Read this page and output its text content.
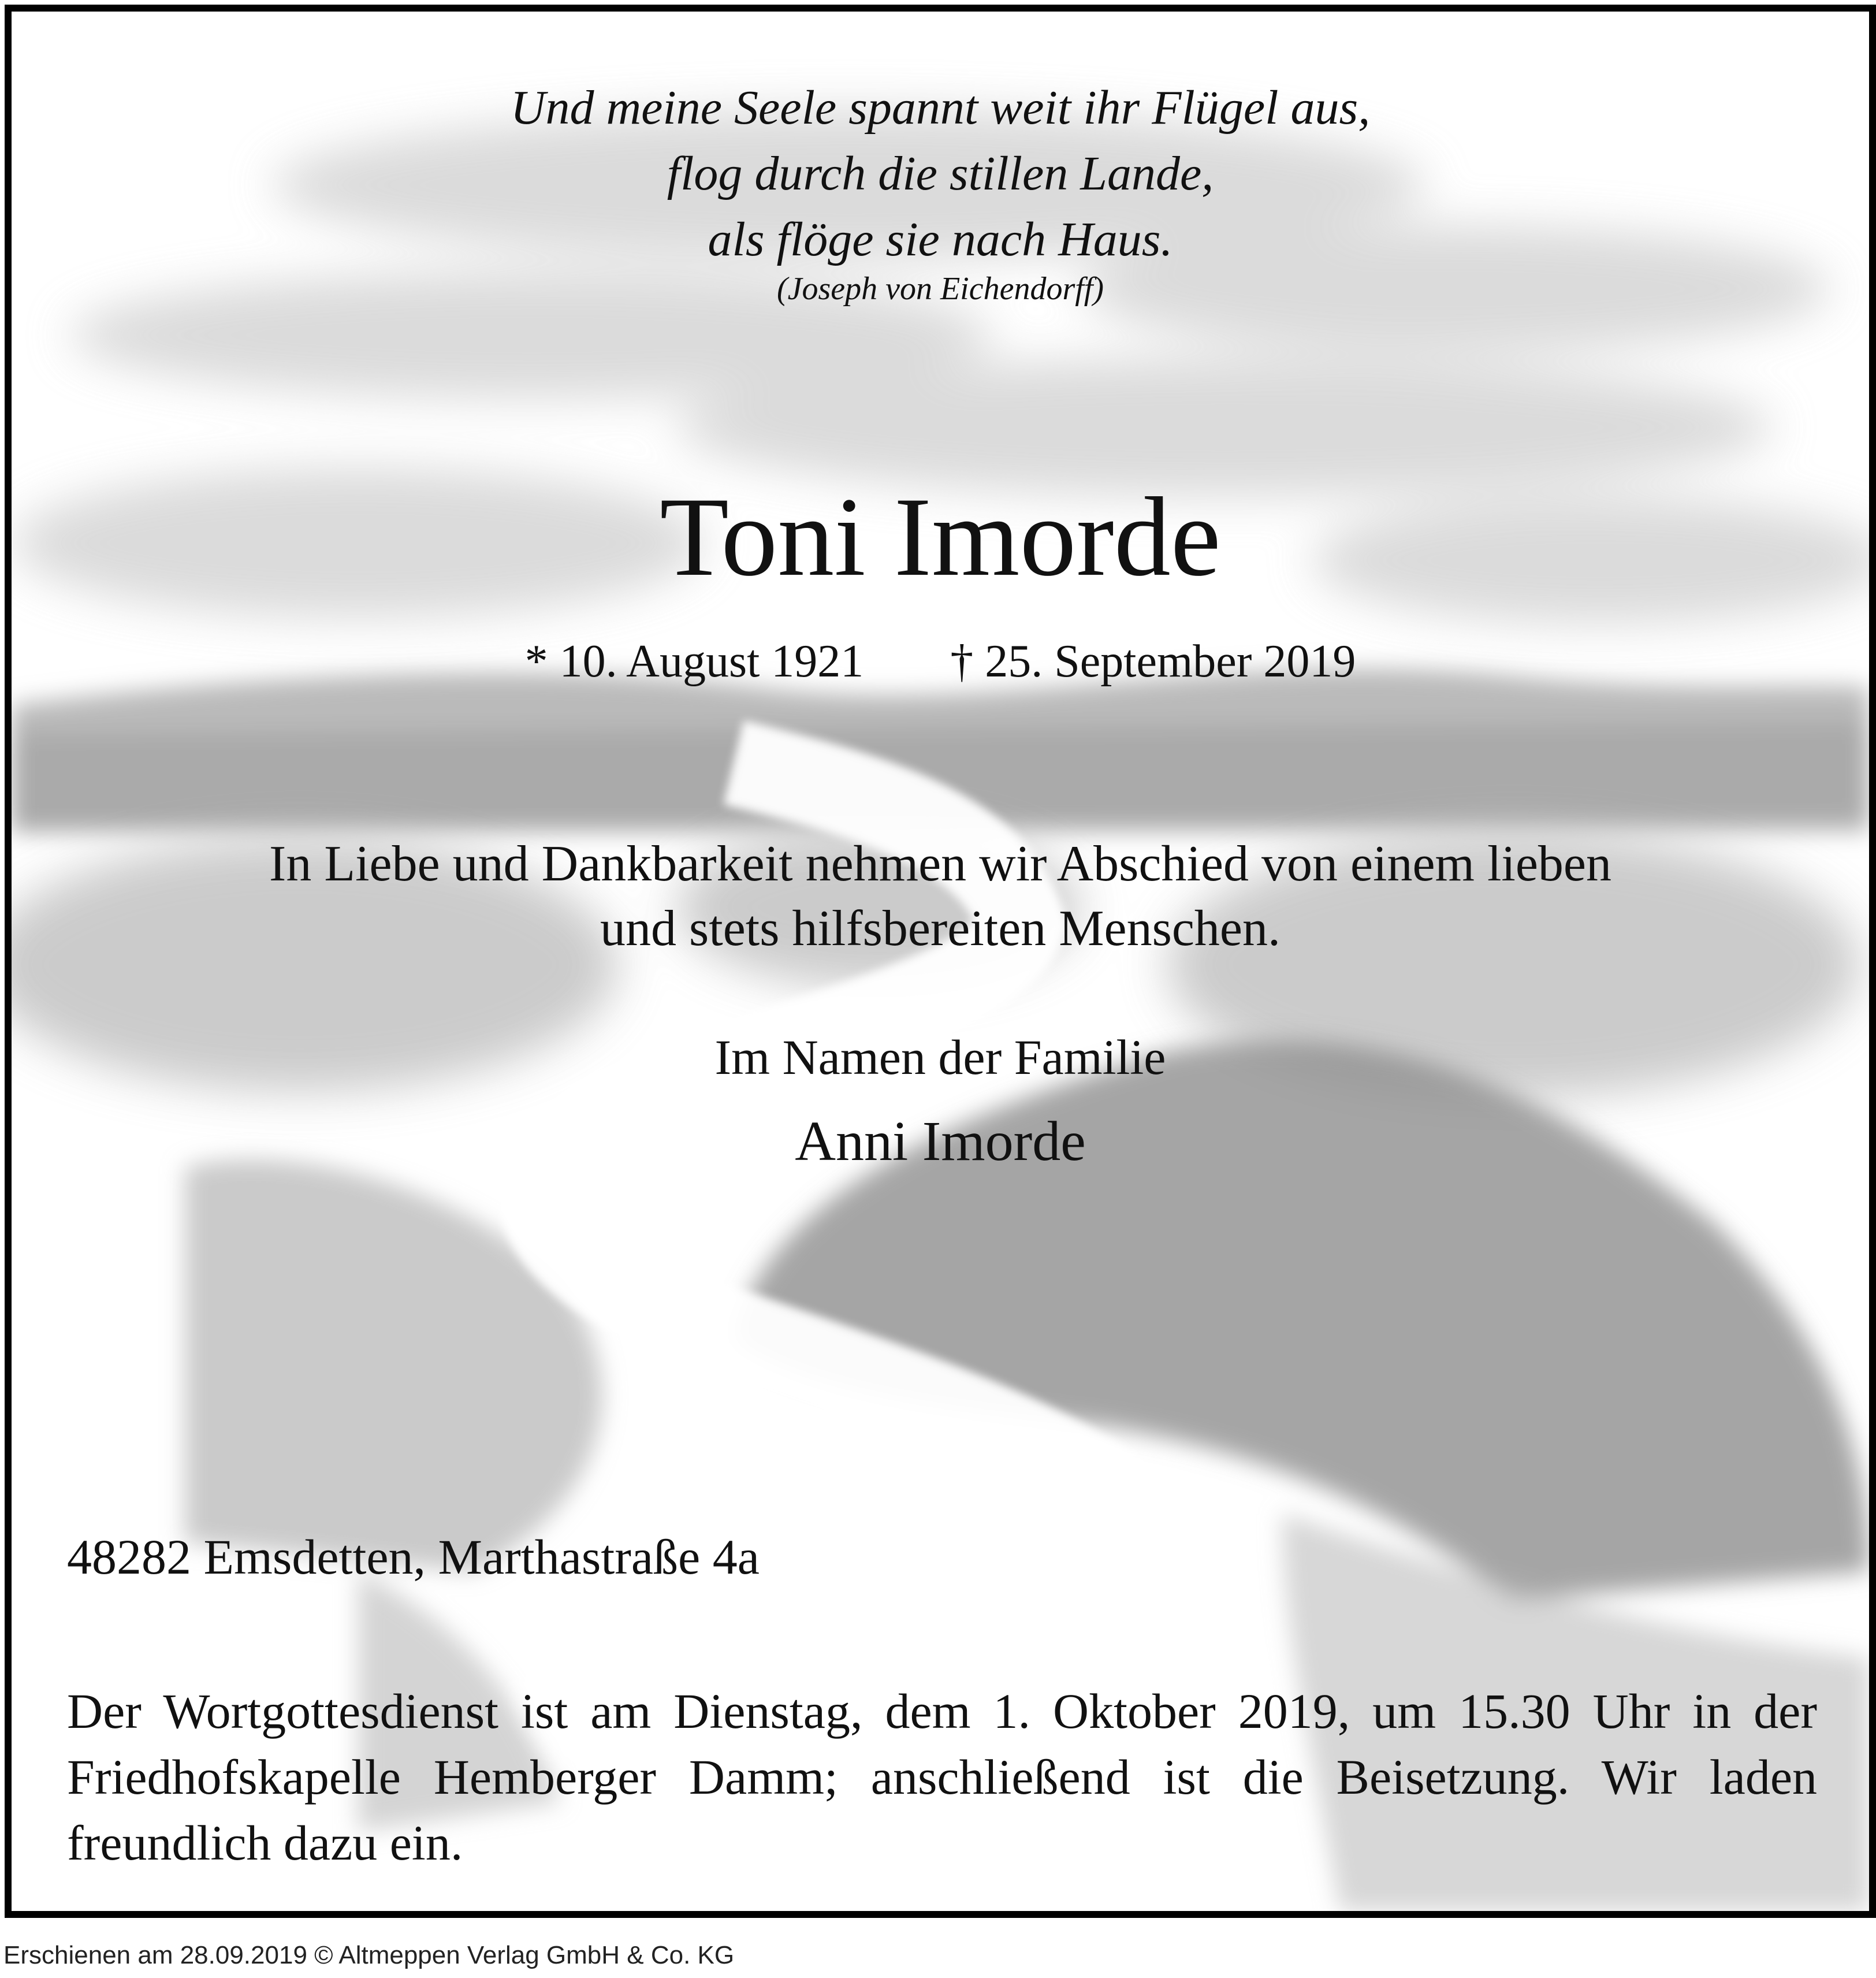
Und meine Seele spannt weit ihr Flügel aus,
flog durch die stillen Lande,
als flöge sie nach Haus.
(Joseph von Eichendorff)
Toni Imorde
* 10. August 1921 † 25. September 2019
In Liebe und Dankbarkeit nehmen wir Abschied von einem lieben
und stets hilfsbereiten Menschen.
Im Namen der Familie
Anni Imorde
48282 Emsdetten, Marthastraße 4a
Der Wortgottesdienst ist am Dienstag, dem 1. Oktober 2019, um 15.30 Uhr in der Friedhofskapelle Hemberger Damm; anschließend ist die Beisetzung. Wir laden freundlich dazu ein.
Erschienen am 28.09.2019 © Altmeppen Verlag GmbH & Co. KG
